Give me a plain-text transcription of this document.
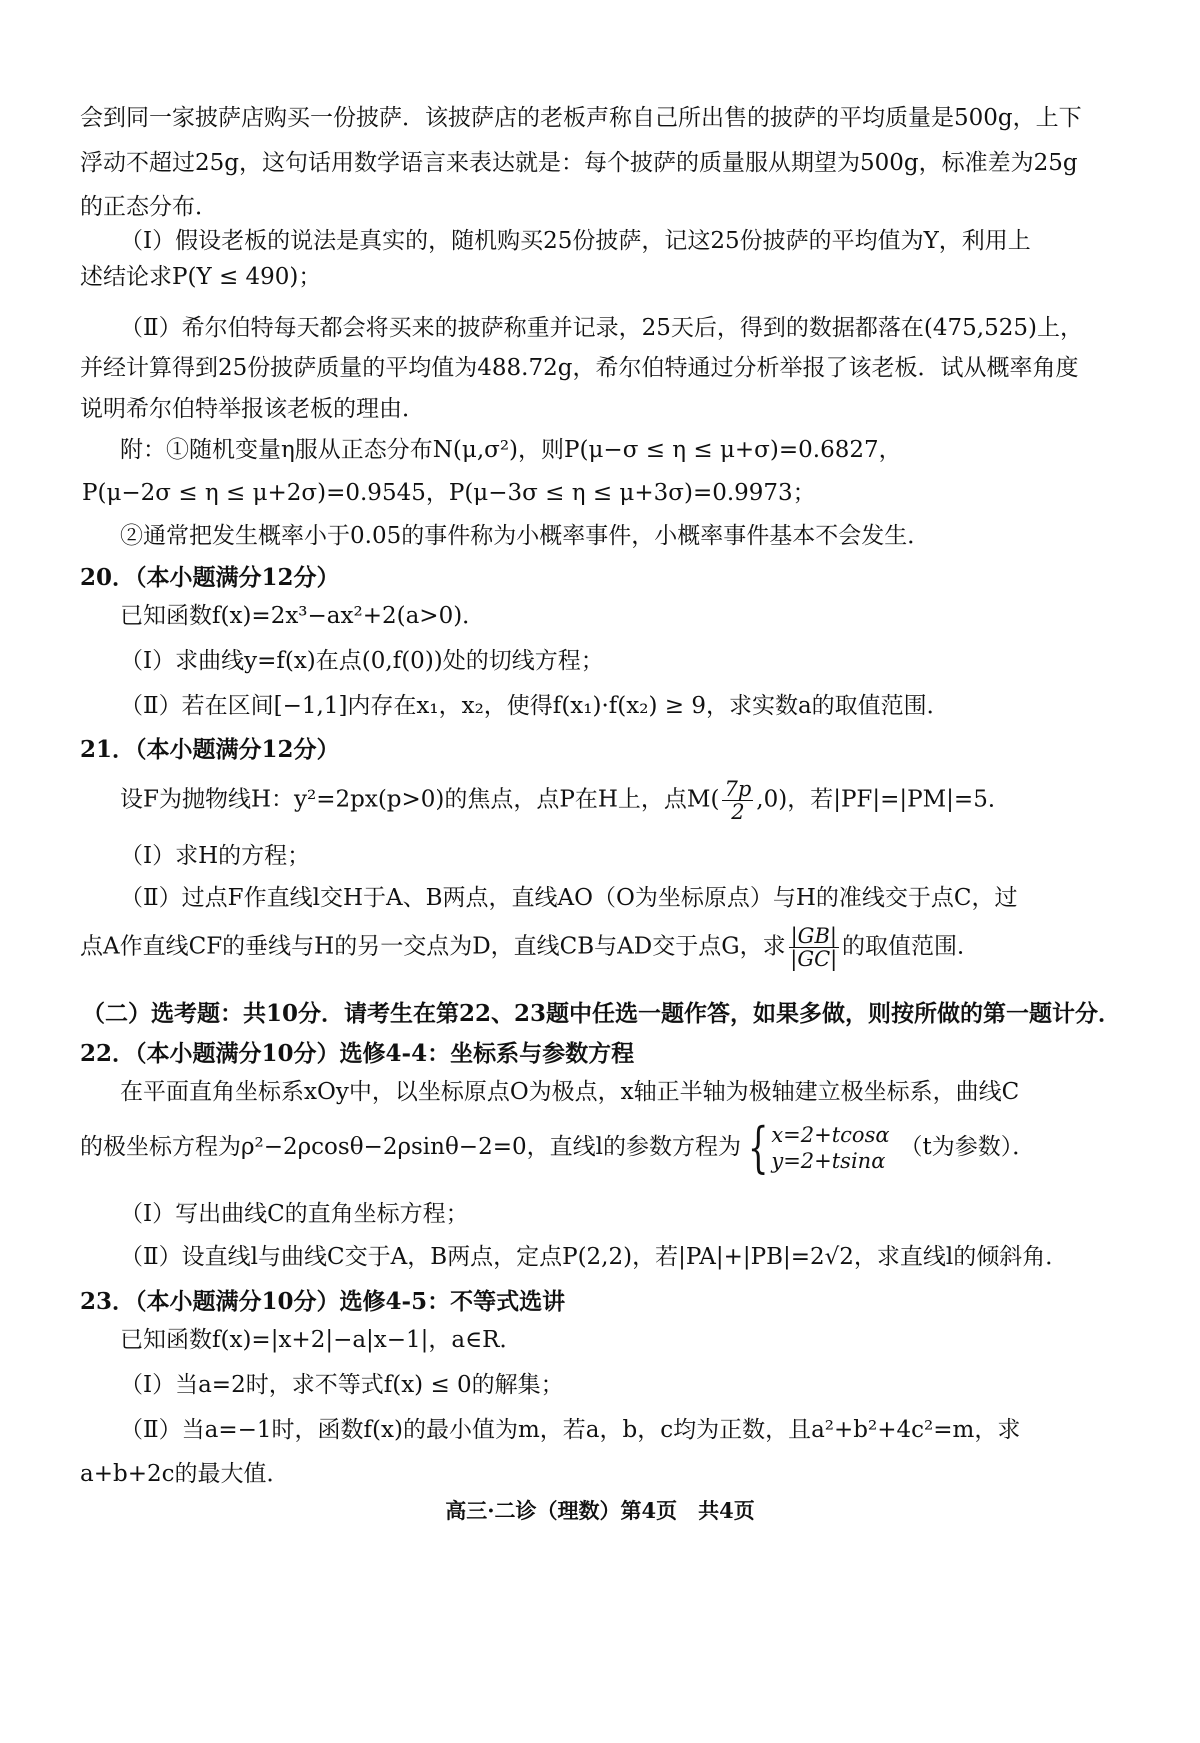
会到同一家披萨店购买一份披萨．该披萨店的老板声称自己所出售的披萨的平均质量是500g，上下
浮动不超过25g，这句话用数学语言来表达就是：每个披萨的质量服从期望为500g，标准差为25g
的正态分布．
（Ⅰ）假设老板的说法是真实的，随机购买25份披萨，记这25份披萨的平均值为Y，利用上
述结论求P(Y ≤ 490)；
（Ⅱ）希尔伯特每天都会将买来的披萨称重并记录，25天后，得到的数据都落在(475,525)上，
并经计算得到25份披萨质量的平均值为488.72g，希尔伯特通过分析举报了该老板．试从概率角度
说明希尔伯特举报该老板的理由．
附：①随机变量η服从正态分布N(μ,σ²)，则P(μ−σ ≤ η ≤ μ+σ)=0.6827，
P(μ−2σ ≤ η ≤ μ+2σ)=0.9545，P(μ−3σ ≤ η ≤ μ+3σ)=0.9973；
②通常把发生概率小于0.05的事件称为小概率事件，小概率事件基本不会发生．
20．（本小题满分12分）
已知函数f(x)=2x³−ax²+2(a>0)．
（Ⅰ）求曲线y=f(x)在点(0,f(0))处的切线方程；
（Ⅱ）若在区间[−1,1]内存在x₁，x₂，使得f(x₁)·f(x₂) ≥ 9，求实数a的取值范围．
21．（本小题满分12分）
设F为抛物线H：y²=2px(p>0)的焦点，点P在H上，点$M( \frac{7p}{2} ,0)$，若|PF|=|PM|=5．
（Ⅰ）求H的方程；
（Ⅱ）过点F作直线l交H于A、B两点，直线AO（O为坐标原点）与H的准线交于点C，过
点A作直线CF的垂线与H的另一交点为D，直线CB与AD交于点G，求 $\frac{|GB|}{|GC|}$ 的取值范围．
（二）选考题：共10分．请考生在第22、23题中任选一题作答，如果多做，则按所做的第一题计分．
22．（本小题满分10分）选修4-4：坐标系与参数方程
在平面直角坐标系xOy中，以坐标原点O为极点，x轴正半轴为极轴建立极坐标系，曲线C
的极坐标方程为ρ²−2ρcosθ−2ρsinθ−2=0，直线l的参数方程为 { x=2+tcosα
y=2+tsinα
（t为参数）．
（Ⅰ）写出曲线C的直角坐标方程；
（Ⅱ）设直线l与曲线C交于A，B两点，定点P(2,2)，若|PA|+|PB|=2√2，求直线l的倾斜角．
23．（本小题满分10分）选修4-5：不等式选讲
已知函数f(x)=|x+2|−a|x−1|，a∈R．
（Ⅰ）当a=2时，求不等式f(x) ≤ 0的解集；
（Ⅱ）当a=−1时，函数f(x)的最小值为m，若a，b，c均为正数，且a²+b²+4c²=m，求
a+b+2c的最大值．
高三·二诊（理数）第4页　共4页
